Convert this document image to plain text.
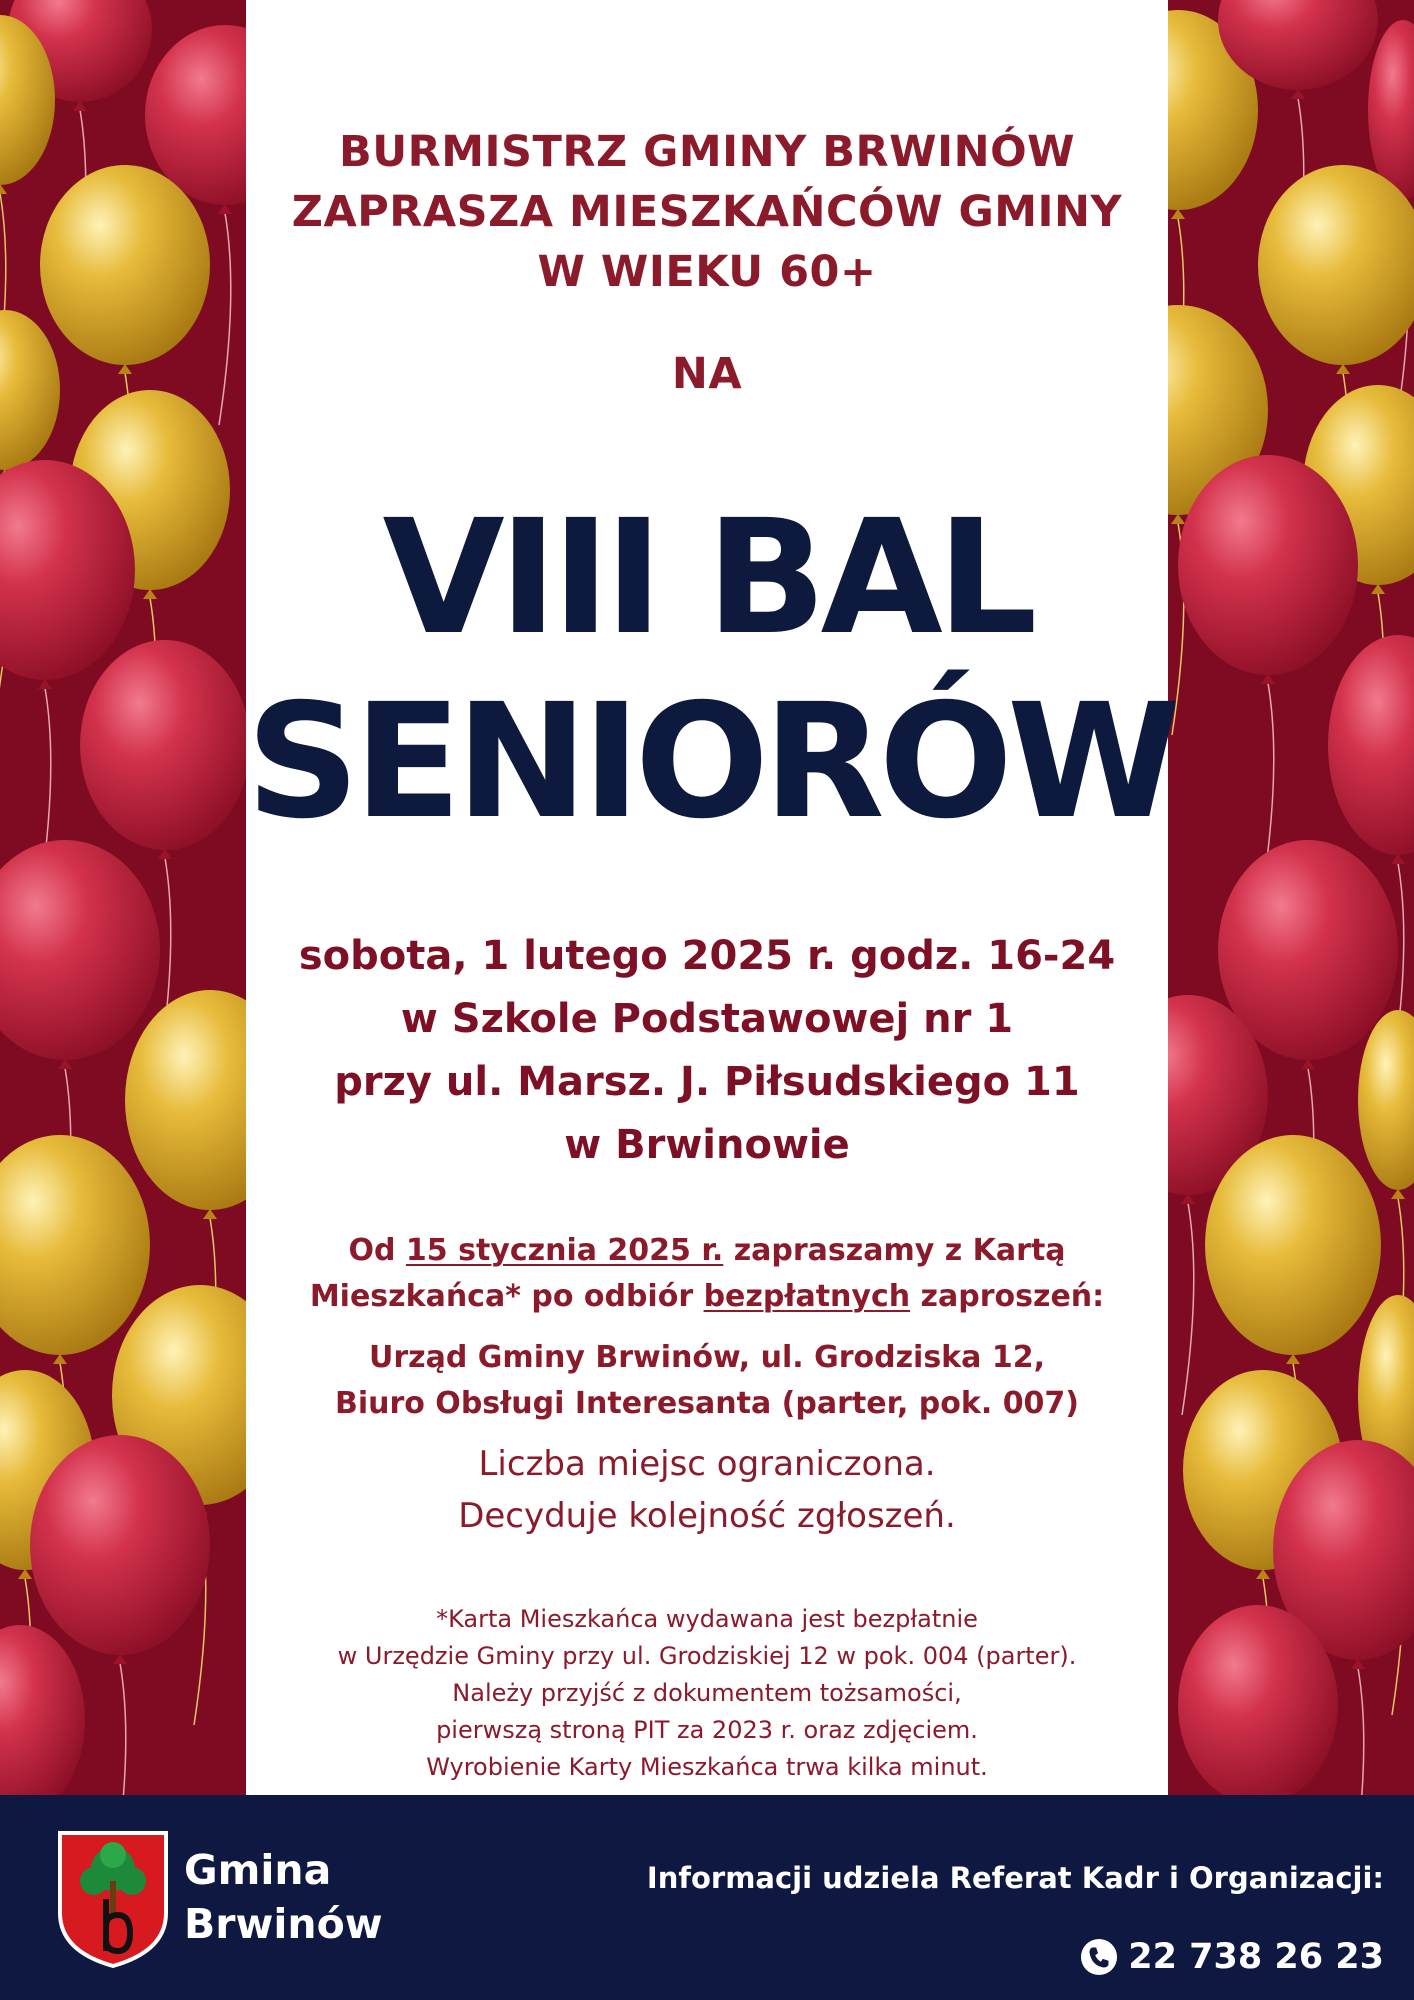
BURMISTRZ GMINY BRWINÓW

ZAPRASZA MIESZKAŃCÓW GMINY

W WIEKU 60+

NA

VIII BAL

SENIORÓW

sobota, 1 lutego 2025 r. godz. 16-24

w Szkole Podstawowej nr 1

przy ul. Marsz. J. Piłsudskiego 11

w Brwinowie

Od 15 stycznia 2025 r. zapraszamy z Kartą

Mieszkańca* po odbiór bezpłatnych zaproszeń:

Urząd Gminy Brwinów, ul. Grodziska 12,

Biuro Obsługi Interesanta (parter, pok. 007)

Liczba miejsc ograniczona.

Decyduje kolejność zgłoszeń.

*Karta Mieszkańca wydawana jest bezpłatnie

w Urzędzie Gminy przy ul. Grodziskiej 12 w pok. 004 (parter).

Należy przyjść z dokumentem tożsamości,

pierwszą stroną PIT za 2023 r. oraz zdjęciem.

Wyrobienie Karty Mieszkańca trwa kilka minut.

Gmina
Brwinów
Informacji udziela Referat Kadr i Organizacji:
22 738 26 23
